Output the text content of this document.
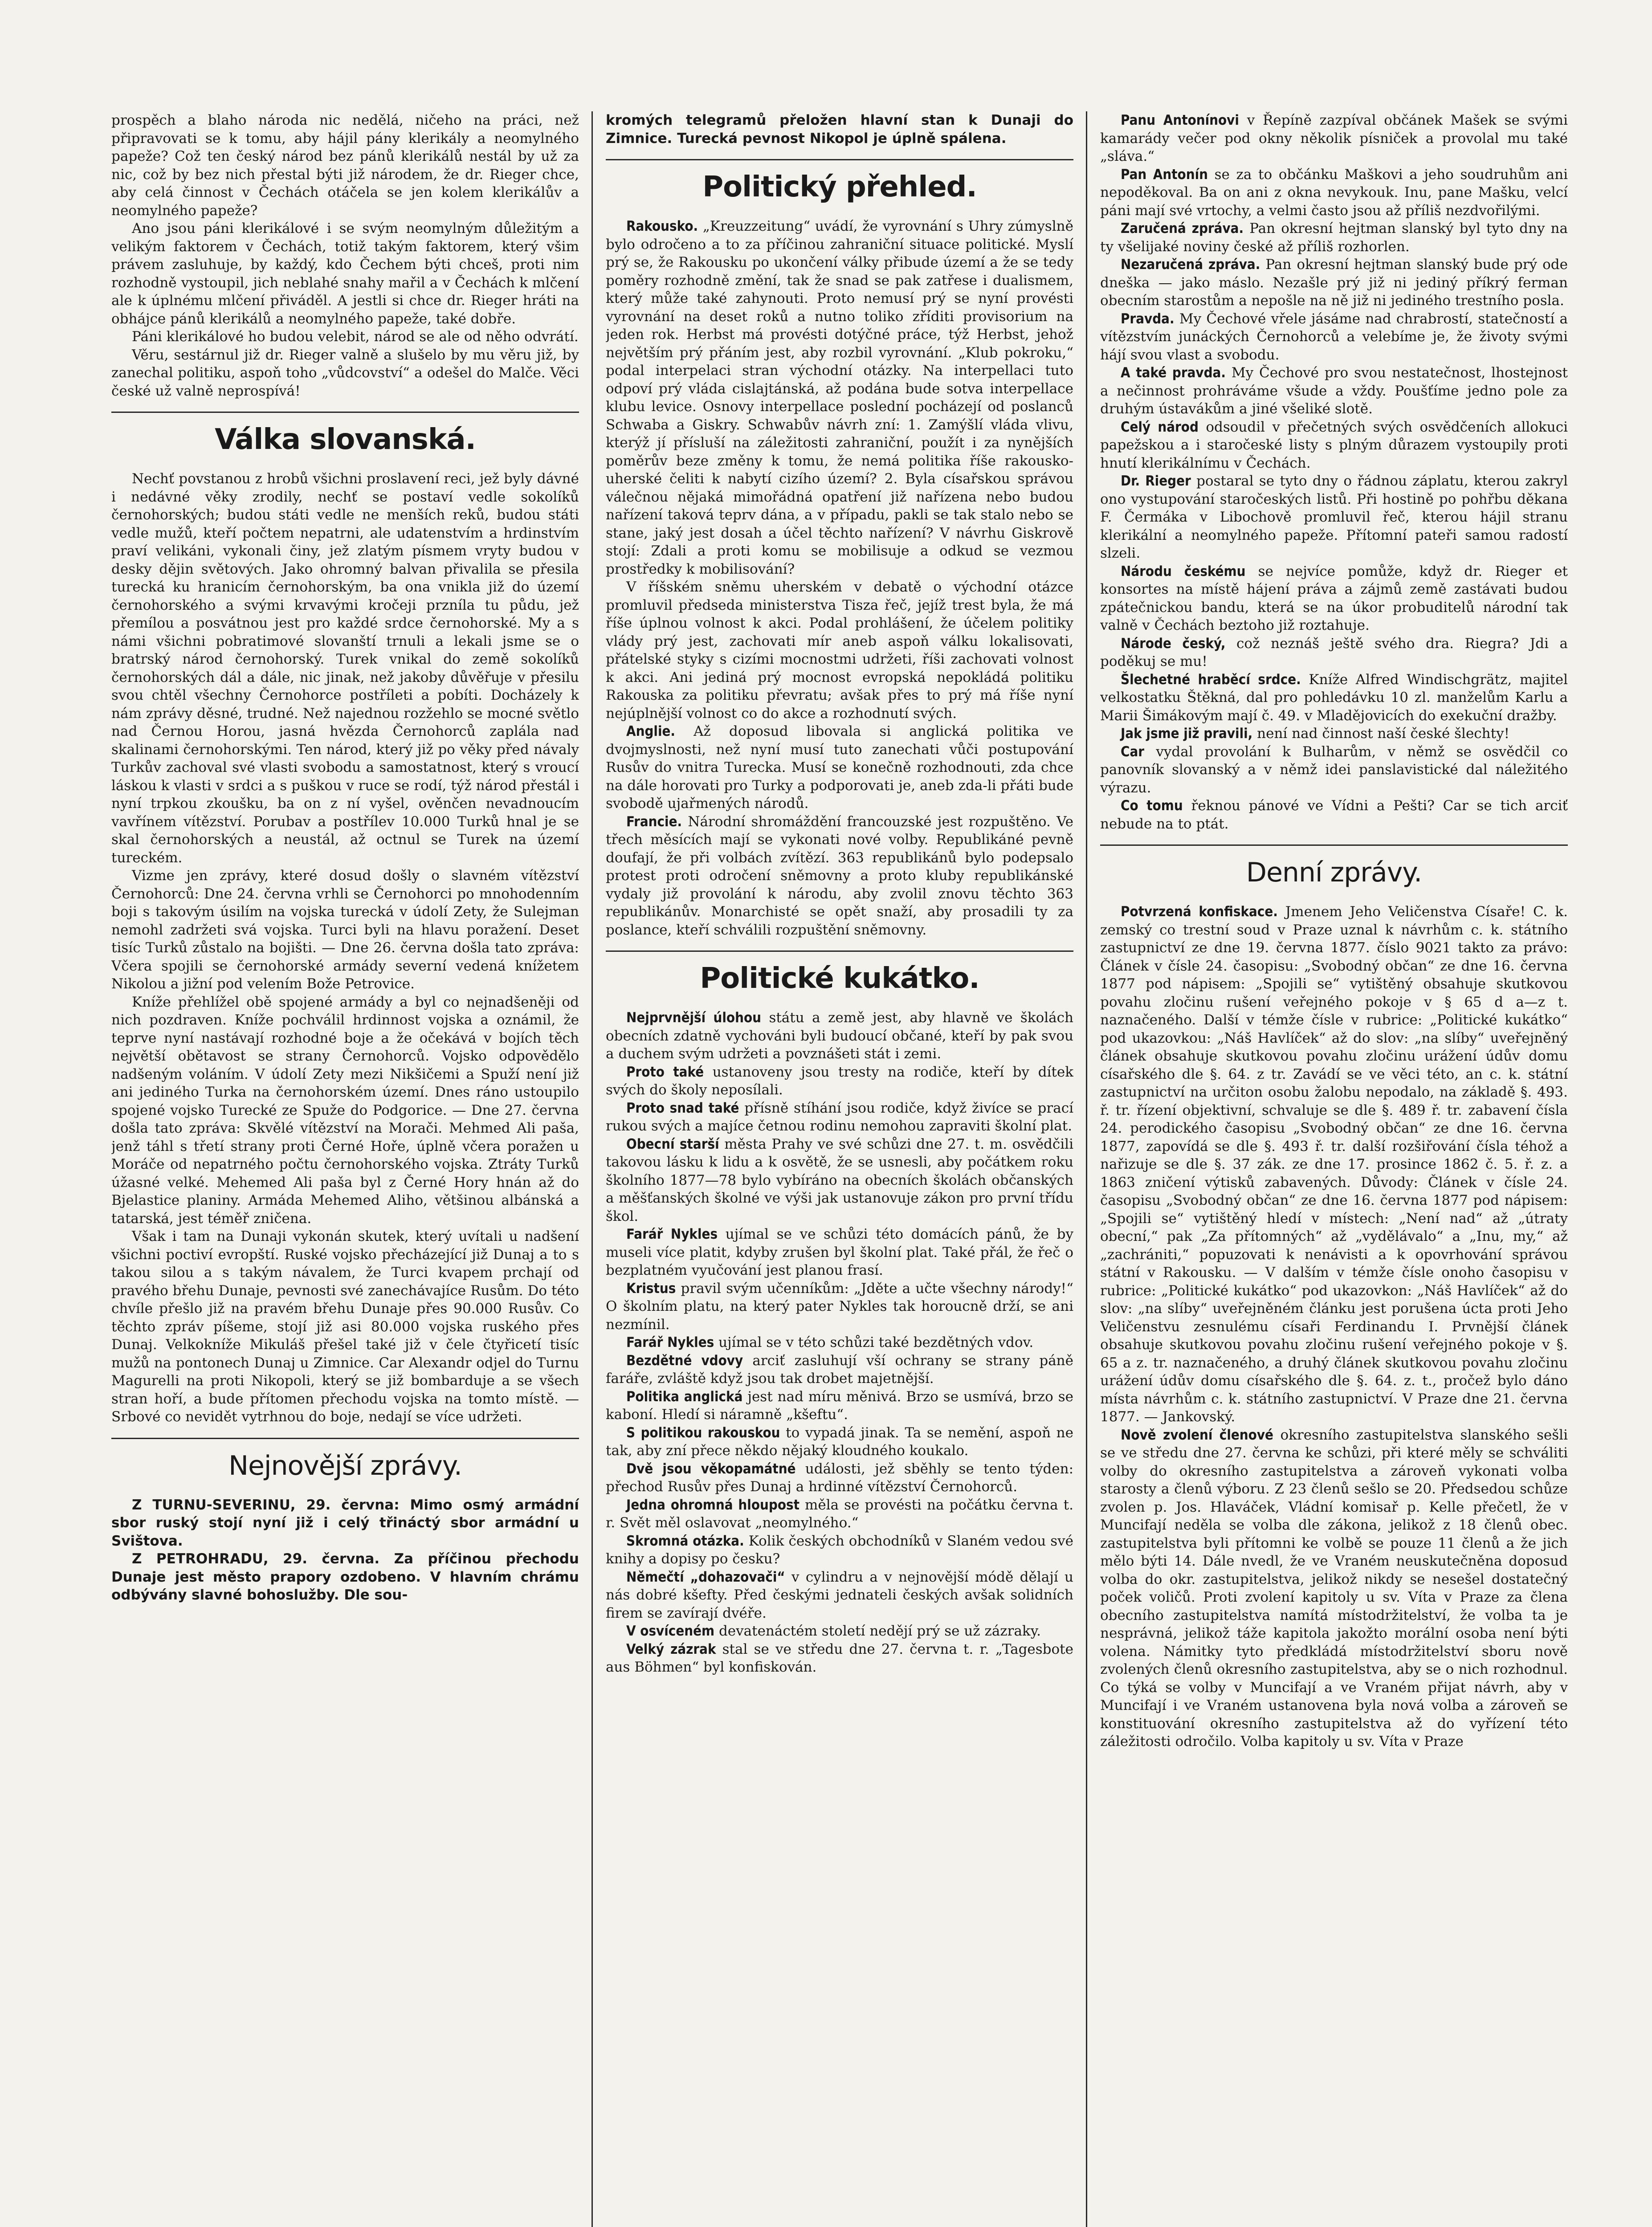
prospěch a blaho národa nic nedělá, ničeho na práci, než připravovati se k tomu, aby hájil pány klerikály a neomylného papeže? Což ten český národ bez pánů klerikálů nestál by už za nic, což by bez nich přestal býti již národem, že dr. Rieger chce, aby celá činnost v Čechách otáčela se jen kolem klerikálův a neomylného papeže?

Ano jsou páni klerikálové i se svým neomylným důležitým a velikým faktorem v Čechách, totiž takým faktorem, který všim právem zasluhuje, by každý, kdo Čechem býti chceš, proti nim rozhodně vystoupil, jich neblahé snahy mařil a v Čechách k mlčení ale k úplnému mlčení přiváděl. A jestli si chce dr. Rieger hráti na obhájce pánů klerikálů a neomylného papeže, také dobře.

Páni klerikálové ho budou velebit, národ se ale od něho odvrátí.

Věru, sestárnul již dr. Rieger valně a slušelo by mu věru již, by zanechal politiku, aspoň toho „vůdcovství“ a odešel do Malče. Věci české už valně neprospívá!

Válka slovanská.

Nechť povstanou z hrobů všichni proslavení reci, jež byly dávné i nedávné věky zrodily, nechť se postaví vedle sokolíků černohorských; budou státi vedle ne menších reků, budou státi vedle mužů, kteří počtem nepatrni, ale udatenstvím a hrdinstvím praví velikáni, vykonali činy, jež zlatým písmem vryty budou v desky dějin světových. Jako ohromný balvan přivalila se přesila turecká ku hranicím černohorským, ba ona vnikla již do území černohorského a svými krvavými kročeji przníla tu půdu, jež přemílou a posvátnou jest pro každé srdce černohorské. My a s námi všichni pobratimové slovanští trnuli a lekali jsme se o bratrský národ černohorský. Turek vnikal do země sokolíků černohorských dál a dále, nic jinak, než jakoby důvěřuje v přesilu svou chtěl všechny Černohorce postříleti a pobíti. Docházely k nám zprávy děsné, trudné. Než najednou rozžehlo se mocné světlo nad Černou Horou, jasná hvězda Černohorců zaplála nad skalinami černohorskými. Ten národ, který již po věky před návaly Turkův zachoval své vlasti svobodu a samostatnost, který s vroucí láskou k vlasti v srdci a s puškou v ruce se rodí, týž národ přestál i nyní trpkou zkoušku, ba on z ní vyšel, ověnčen nevadnoucím vavřínem vítězství. Porubav a postřílev 10.000 Turků hnal je se skal černohorských a neustál, až octnul se Turek na území tureckém.

Vizme jen zprávy, které dosud došly o slavném vítězství Černohorců: Dne 24. června vrhli se Černohorci po mnohodenním boji s takovým úsilím na vojska turecká v údolí Zety, že Sulejman nemohl zadržeti svá vojska. Turci byli na hlavu poražení. Deset tisíc Turků zůstalo na bojišti. — Dne 26. června došla tato zpráva: Včera spojili se černohorské armády severní vedená knížetem Nikolou a jižní pod velením Bože Petrovice.

Kníže přehlížel obě spojené armády a byl co nejnadšeněji od nich pozdraven. Kníže pochválil hrdinnost vojska a oznámil, že teprve nyní nastávají rozhodné boje a že očekává v bojích těch největší obětavost se strany Černohorců. Vojsko odpovědělo nadšeným voláním. V údolí Zety mezi Nikšičemi a Spuží není již ani jediného Turka na černohorském území. Dnes ráno ustoupilo spojené vojsko Turecké ze Spuže do Podgorice. — Dne 27. června došla tato zpráva: Skvělé vítězství na Morači. Mehmed Ali paša, jenž táhl s třetí strany proti Černé Hoře, úplně včera poražen u Moráče od nepatrného počtu černohorského vojska. Ztráty Turků úžasné velké. Mehemed Ali paša byl z Černé Hory hnán až do Bjelastice planiny. Armáda Mehemed Aliho, většinou albánská a tatarská, jest téměř zničena.

Však i tam na Dunaji vykonán skutek, který uvítali u nadšení všichni poctiví evropští. Ruské vojsko přecházející již Dunaj a to s takou silou a s takým návalem, že Turci kvapem prchají od pravého břehu Dunaje, pevnosti své zanechávajíce Rusům. Do této chvíle přešlo již na pravém břehu Dunaje přes 90.000 Rusův. Co těchto zpráv píšeme, stojí již asi 80.000 vojska ruského přes Dunaj. Velkokníže Mikuláš přešel také již v čele čtyřicetí tisíc mužů na pontonech Dunaj u Zimnice. Car Alexandr odjel do Turnu Magurelli na proti Nikopoli, který se již bombarduje a se všech stran hoří, a bude přítomen přechodu vojska na tomto místě. — Srbové co nevidět vytrhnou do boje, nedají se více udržeti.

Nejnovější zprávy.

Z TURNU-SEVERINU, 29. června: Mimo osmý armádní sbor ruský stojí nyní již i celý třináctý sbor armádní u Svištova.

Z PETROHRADU, 29. června. Za příčinou přechodu Dunaje jest město prapory ozdobeno. V hlavním chrámu odbývány slavné bohoslužby. Dle sou-

kromých telegramů přeložen hlavní stan k Dunaji do Zimnice. Turecká pevnost Nikopol je úplně spálena.

Politický přehled.

Rakousko. „Kreuzzeitung“ uvádí, že vyrovnání s Uhry zúmyslně bylo odročeno a to za příčinou zahraniční situace politické. Myslí prý se, že Rakousku po ukončení války přibude území a že se tedy poměry rozhodně změní, tak že snad se pak zatřese i dualismem, který může také zahynouti. Proto nemusí prý se nyní provésti vyrovnání na deset roků a nutno toliko zříditi provisorium na jeden rok. Herbst má provésti dotýčné práce, týž Herbst, jehož největším prý přáním jest, aby rozbil vyrovnání. „Klub pokroku,“ podal interpelaci stran východní otázky. Na interpellaci tuto odpoví prý vláda cislajtánská, až podána bude sotva interpellace klubu levice. Osnovy interpellace poslední pocházejí od poslanců Schwaba a Giskry. Schwabův návrh zní: 1. Zamýšlí vláda vlivu, kterýž jí přísluší na záležitosti zahraniční, použít i za nynějších poměrův beze změny k tomu, že nemá politika říše rakousko-uherské čeliti k nabytí cizího území? 2. Byla císařskou správou válečnou nějaká mimořádná opatření již nařízena nebo budou nařízení taková teprv dána, a v případu, pakli se tak stalo nebo se stane, jaký jest dosah a účel těchto nařízení? V návrhu Giskrově stojí: Zdali a proti komu se mobilisuje a odkud se vezmou prostředky k mobilisování?

V říšském sněmu uherském v debatě o východní otázce promluvil předseda ministerstva Tisza řeč, jejíž trest byla, že má říše úplnou volnost k akci. Podal prohlášení, že účelem politiky vlády prý jest, zachovati mír aneb aspoň válku lokalisovati, přátelské styky s cizími mocnostmi udržeti, říši zachovati volnost k akci. Ani jediná prý mocnost evropská nepokládá politiku Rakouska za politiku převratu; avšak přes to prý má říše nyní nejúplnější volnost co do akce a rozhodnutí svých.

Anglie. Až doposud libovala si anglická politika ve dvojmyslnosti, než nyní musí tuto zanechati vůči postupování Rusův do vnitra Turecka. Musí se konečně rozhodnouti, zda chce na dále horovati pro Turky a podporovati je, aneb zda-li přáti bude svobodě ujařmených národů.

Francie. Národní shromáždění francouzské jest rozpuštěno. Ve třech měsících mají se vykonati nové volby. Republikáné pevně doufají, že při volbách zvítězí. 363 republikánů bylo podepsalo protest proti odročení sněmovny a proto kluby republikánské vydaly již provolání k národu, aby zvolil znovu těchto 363 republikánův. Monarchisté se opět snaží, aby prosadili ty za poslance, kteří schválili rozpuštění sněmovny.

Politické kukátko.

Nejprvnější úlohou státu a země jest, aby hlavně ve školách obecních zdatně vychováni byli budoucí občané, kteří by pak svou a duchem svým udržeti a povznášeti stát i zemi.

Proto také ustanoveny jsou tresty na rodiče, kteří by dítek svých do školy neposílali.

Proto snad také přísně stíhání jsou rodiče, když živíce se prací rukou svých a majíce četnou rodinu nemohou zapraviti školní plat.

Obecní starší města Prahy ve své schůzi dne 27. t. m. osvědčili takovou lásku k lidu a k osvětě, že se usnesli, aby počátkem roku školního 1877—78 bylo vybíráno na obecních školách občanských a měšťanských školné ve výši jak ustanovuje zákon pro první třídu škol.

Farář Nykles ujímal se ve schůzi této domácích pánů, že by museli více platit, kdyby zrušen byl školní plat. Také přál, že řeč o bezplatném vyučování jest planou frasí.

Kristus pravil svým učenníkům: „Jděte a učte všechny národy!“ O školním platu, na který pater Nykles tak horoucně drží, se ani nezmínil.

Farář Nykles ujímal se v této schůzi také bezdětných vdov.

Bezdětné vdovy arciť zasluhují vší ochrany se strany páně faráře, zvláště když jsou tak drobet majetnější.

Politika anglická jest nad míru měnivá. Brzo se usmívá, brzo se kaboní. Hledí si náramně „kšeftu“.

S politikou rakouskou to vypadá jinak. Ta se nemění, aspoň ne tak, aby zní přece někdo nějaký kloudného koukalo.

Dvě jsou věkopamátné události, jež sběhly se tento týden: přechod Rusův přes Dunaj a hrdinné vítězství Černohorců.

Jedna ohromná hloupost měla se provésti na počátku června t. r. Svět měl oslavovat „neomylného.“

Skromná otázka. Kolik českých obchodníků v Slaném vedou své knihy a dopisy po česku?

Němečtí „dohazovači“ v cylindru a v nejnovější módě dělají u nás dobré kšefty. Před českými jednateli českých avšak solidních firem se zavírají dvéře.

V osvíceném devatenáctém století nedějí prý se už zázraky.

Velký zázrak stal se ve středu dne 27. června t. r. „Tagesbote aus Böhmen“ byl konfiskován.

Panu Antonínovi v Řepíně zazpíval občánek Mašek se svými kamarády večer pod okny několik písniček a provolal mu také „sláva.“

Pan Antonín se za to občánku Maškovi a jeho soudruhům ani nepoděkoval. Ba on ani z okna nevykouk. Inu, pane Mašku, velcí páni mají své vrtochy, a velmi často jsou až příliš nezdvořilými.

Zaručená zpráva. Pan okresní hejtman slanský byl tyto dny na ty všelijaké noviny české až příliš rozhorlen.

Nezaručená zpráva. Pan okresní hejtman slanský bude prý ode dneška — jako máslo. Nezašle prý již ni jediný příkrý ferman obecním starostům a nepošle na ně již ni jediného trestního posla.

Pravda. My Čechové vřele jásáme nad chrabrostí, statečností a vítězstvím junáckých Černohorců a velebíme je, že životy svými hájí svou vlast a svobodu.

A také pravda. My Čechové pro svou nestatečnost, lhostejnost a nečinnost prohráváme všude a vždy. Poušťíme jedno pole za druhým ústavákům a jiné všeliké slotě.

Celý národ odsoudil v přečetných svých osvědčeních allokuci papežskou a i staročeské listy s plným důrazem vystoupily proti hnutí klerikálnímu v Čechách.

Dr. Rieger postaral se tyto dny o řádnou záplatu, kterou zakryl ono vystupování staročeských listů. Při hostině po pohřbu děkana F. Čermáka v Libochově promluvil řeč, kterou hájil stranu klerikální a neomylného papeže. Přítomní pateři samou radostí slzeli.

Národu českému se nejvíce pomůže, když dr. Rieger et konsortes na místě hájení práva a zájmů země zastávati budou zpátečnickou bandu, která se na úkor probuditelů národní tak valně v Čechách beztoho již roztahuje.

Národe český, což neznáš ještě svého dra. Riegra? Jdi a poděkuj se mu!

Šlechetné hraběcí srdce. Kníže Alfred Windischgrätz, majitel velkostatku Štěkná, dal pro pohledávku 10 zl. manželům Karlu a Marii Šimákovým mají č. 49. v Mladějovicích do exekuční dražby.

Jak jsme již pravili, není nad činnost naší české šlechty!

Car vydal provolání k Bulharům, v němž se osvědčil co panovník slovanský a v němž idei panslavistické dal náležitého výrazu.

Co tomu řeknou pánové ve Vídni a Pešti? Car se tich arciť nebude na to ptát.

Denní zprávy.

Potvrzená konfiskace. Jmenem Jeho Veličenstva Císaře! C. k. zemský co trestní soud v Praze uznal k návrhům c. k. státního zastupnictví ze dne 19. června 1877. číslo 9021 takto za právo: Článek v čísle 24. časopisu: „Svobodný občan“ ze dne 16. června 1877 pod nápisem: „Spojili se“ vytištěný obsahuje skutkovou povahu zločinu rušení veřejného pokoje v § 65 d a—z t. naznačeného. Další v témže čísle v rubrice: „Politické kukátko“ pod ukazovkou: „Náš Havlíček“ až do slov: „na slíby“ uveřejněný článek obsahuje skutkovou povahu zločinu urážení údův domu císařského dle §. 64. z tr. Zavádí se ve věci této, an c. k. státní zastupnictví na určiton osobu žalobu nepodalo, na základě §. 493. ř. tr. řízení objektivní, schvaluje se dle §. 489 ř. tr. zabavení čísla 24. perodického časopisu „Svobodný občan“ ze dne 16. června 1877, zapovídá se dle §. 493 ř. tr. další rozšiřování čísla téhož a nařizuje se dle §. 37 zák. ze dne 17. prosince 1862 č. 5. ř. z. a 1863 zničení výtisků zabavených. Důvody: Článek v čísle 24. časopisu „Svobodný občan“ ze dne 16. června 1877 pod nápisem: „Spojili se“ vytištěný hledí v místech: „Není nad“ až „útraty obecní,“ pak „Za přítomných“ až „vydělávalo“ a „Inu, my,“ až „zachrániti,“ popuzovati k nenávisti a k opovrhování správou státní v Rakousku. — V dalším v témže čísle onoho časopisu v rubrice: „Politické kukátko“ pod ukazovkon: „Náš Havlíček“ až do slov: „na slíby“ uveřejněném článku jest porušena úcta proti Jeho Veličenstvu zesnulému císaři Ferdinandu I. Prvnější článek obsahuje skutkovou povahu zločinu rušení veřejného pokoje v §. 65 a z. tr. naznačeného, a druhý článek skutkovou povahu zločinu urážení údův domu císařského dle §. 64. z. t., pročež bylo dáno místa návrhům c. k. státního zastupnictví. V Praze dne 21. června 1877. — Jankovský.

Nově zvolení členové okresního zastupitelstva slanského sešli se ve středu dne 27. června ke schůzi, při které měly se schváliti volby do okresního zastupitelstva a zároveň vykonati volba starosty a členů výboru. Z 23 členů sešlo se 20. Předsedou schůze zvolen p. Jos. Hlaváček, Vládní komisař p. Kelle přečetl, že v Muncifají neděla se volba dle zákona, jelikož z 18 členů obec. zastupitelstva byli přítomni ke volbě se pouze 11 členů a že jich mělo býti 14. Dále nvedl, že ve Vraném neuskutečněna doposud volba do okr. zastupitelstva, jelikož nikdy se nesešel dostatečný poček voličů. Proti zvolení kapitoly u sv. Víta v Praze za člena obecního zastupitelstva namítá místodržitelství, že volba ta je nesprávná, jelikož táže kapitola jakožto morální osoba není býti volena. Námitky tyto předkládá místodržitelství sboru nově zvolených členů okresního zastupitelstva, aby se o nich rozhodnul. Co týká se volby v Muncifají a ve Vraném přijat návrh, aby v Muncifají i ve Vraném ustanovena byla nová volba a zároveň se konstituování okresního zastupitelstva až do vyřízení této záležitosti odročilo. Volba kapitoly u sv. Víta v Praze
